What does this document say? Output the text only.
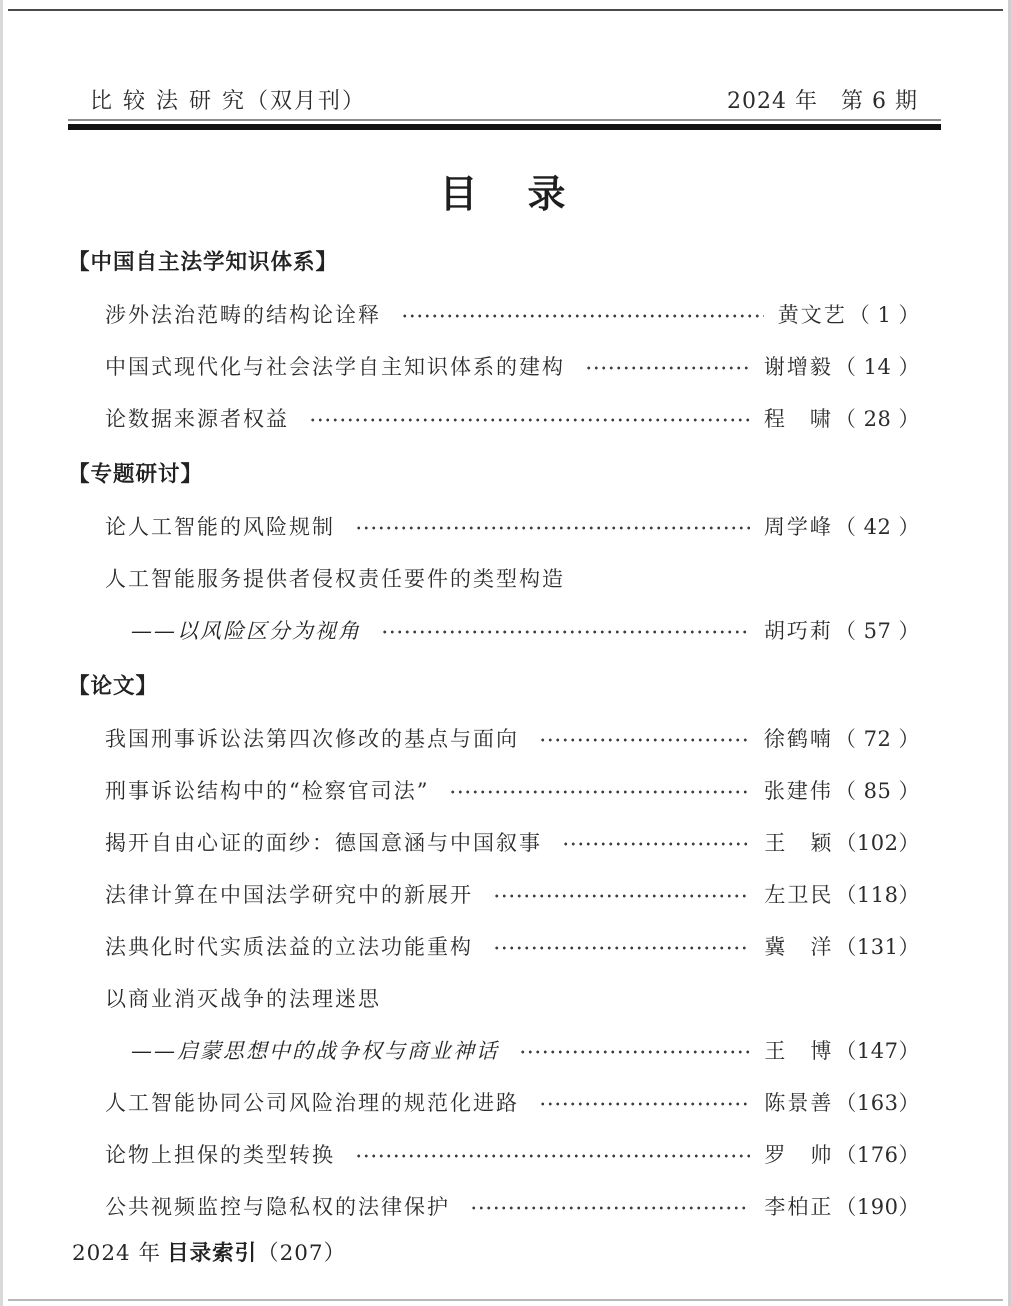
比 较 法 研 究（双月刊）	2024 年　第 6 期
目　录
【中国自主法学知识体系】
涉外法治范畴的结构论诠释	黄文艺 （ 1 ）
中国式现代化与社会法学自主知识体系的建构	谢增毅 （ 14 ）
论数据来源者权益	程　啸 （ 28 ）
【专题研讨】
论人工智能的风险规制	周学峰 （ 42 ）
人工智能服务提供者侵权责任要件的类型构造
——以风险区分为视角	胡巧莉 （ 57 ）
【论文】
我国刑事诉讼法第四次修改的基点与面向	徐鹤喃 （ 72 ）
刑事诉讼结构中的“检察官司法”	张建伟 （ 85 ）
揭开自由心证的面纱：德国意涵与中国叙事	王　颖 （102）
法律计算在中国法学研究中的新展开	左卫民 （118）
法典化时代实质法益的立法功能重构	冀　洋 （131）
以商业消灭战争的法理迷思
——启蒙思想中的战争权与商业神话	王　博 （147）
人工智能协同公司风险治理的规范化进路	陈景善 （163）
论物上担保的类型转换	罗　帅 （176）
公共视频监控与隐私权的法律保护	李柏正 （190）
2024 年 目录索引 （207）
